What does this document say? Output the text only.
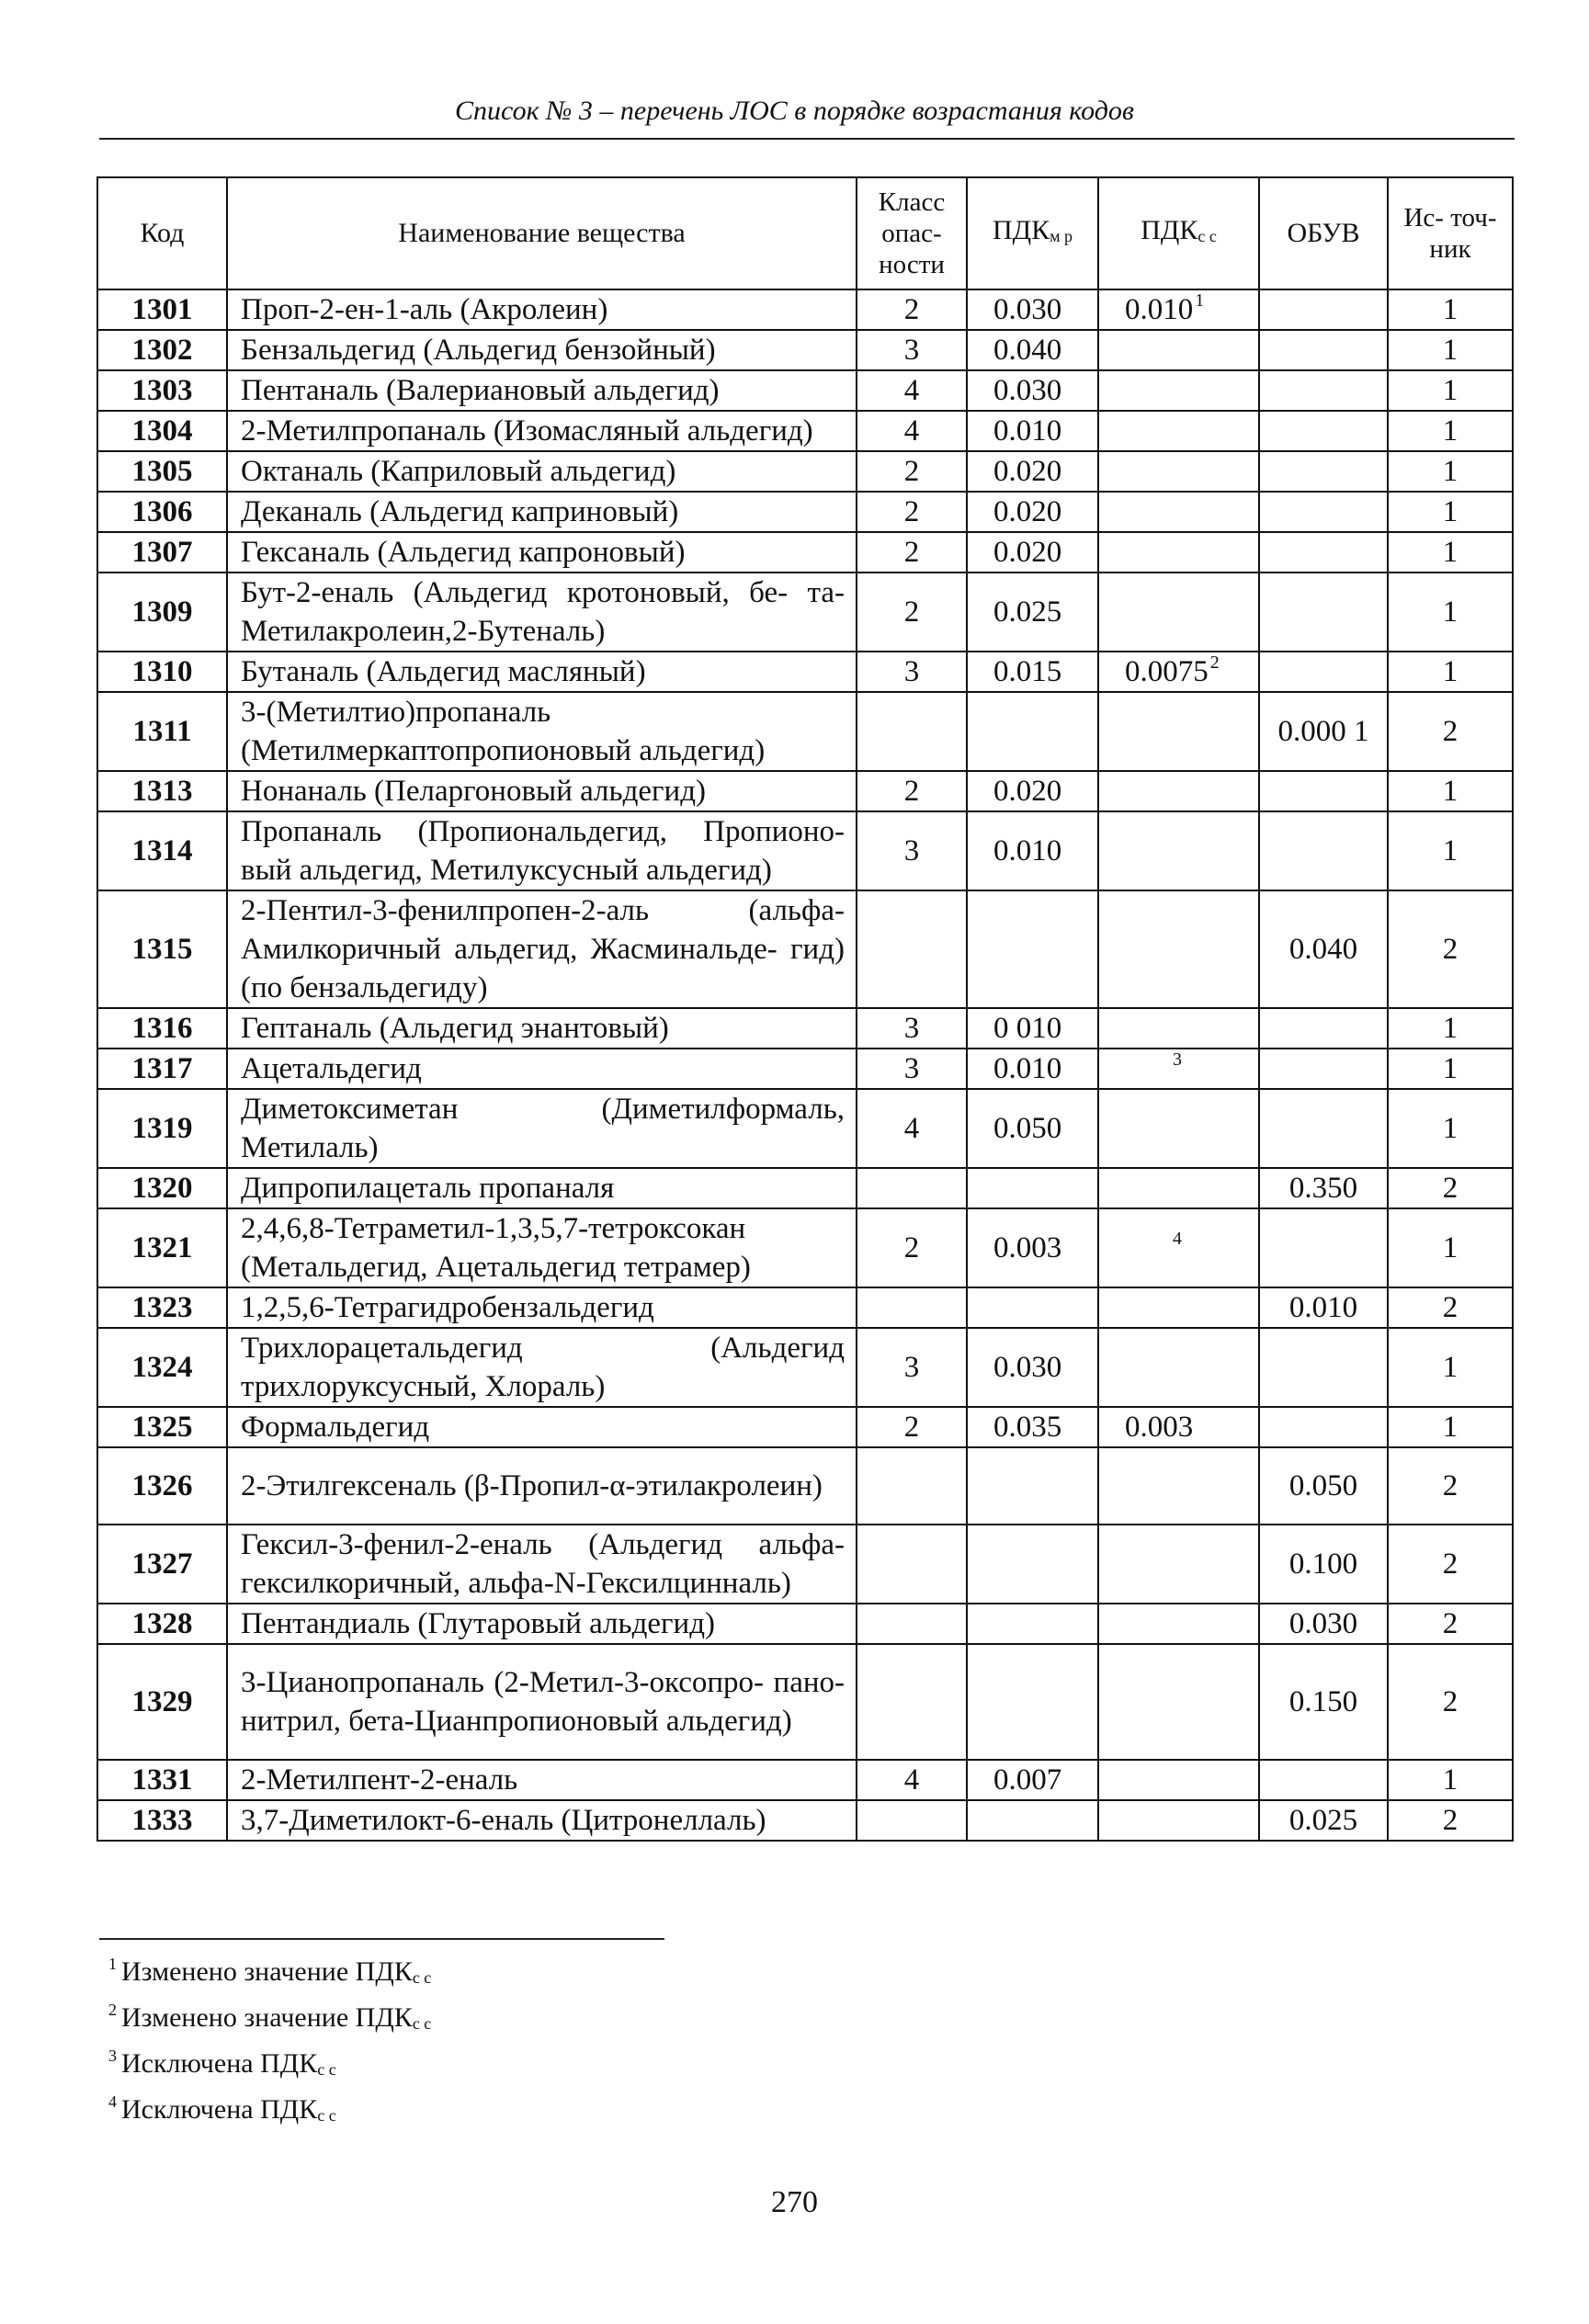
Список № 3 – перечень ЛОС в порядке возрастания кодов
Код	Наименование вещества	Класс опас- ности	$ПДК_{м р}$	$ПДК_{с с}$	ОБУВ	Ис- точ- ник
1301	Проп-2-ен-1-аль (Акролеин)	2	0.030	0.010 $^1$		1
1302	Бензальдегид (Альдегид бензойный)	3	0.040			1
1303	Пентаналь (Валериановый альдегид)	4	0.030			1
1304	2-Метилпропаналь (Изомасляный альдегид)	4	0.010			1
1305	Октаналь (Каприловый альдегид)	2	0.020			1
1306	Деканаль (Альдегид каприновый)	2	0.020			1
1307	Гексаналь (Альдегид капроновый)	2	0.020			1
1309	Бут-2-еналь (Альдегид кротоновый, бе- та-Метилакролеин,2-Бутеналь)	2	0.025			1
1310	Бутаналь (Альдегид масляный)	3	0.015	0.0075 $^2$		1
1311	3-(Метилтио)пропаналь (Метилмеркаптопропионовый альдегид)				0.000 1	2
1313	Нонаналь (Пеларгоновый альдегид)	2	0.020			1
1314	Пропаналь (Пропиональдегид, Пропионо- вый альдегид, Метилуксусный альдегид)	3	0.010			1
1315	2-Пентил-3-фенилпропен-2-аль (альфа- Амилкоричный альдегид, Жасминальде- гид) (по бензальдегиду)				0.040	2
1316	Гептаналь (Альдегид энантовый)	3	0 010			1
1317	Ацетальдегид	3	0.010	$^3$		1
1319	Диметоксиметан (Диметилформаль, Метилаль)	4	0.050			1
1320	Дипропилацеталь пропаналя				0.350	2
1321	2,4,6,8-Тетраметил-1,3,5,7-тетроксокан (Метальдегид, Ацетальдегид тетрамер)	2	0.003	$^4$		1
1323	1,2,5,6-Тетрагидробензальдегид				0.010	2
1324	Трихлорацетальдегид (Альдегид трихлоруксусный, Хлораль)	3	0.030			1
1325	Формальдегид	2	0.035	0.003		1
1326	2-Этилгексеналь (β-Пропил-α-этилакролеин)				0.050	2
1327	Гексил-3-фенил-2-еналь (Альдегид альфа- гексилкоричный, альфа-N-Гексилцинналь)				0.100	2
1328	Пентандиаль (Глутаровый альдегид)				0.030	2
1329	3-Цианопропаналь (2-Метил-3-оксопро- пано-нитрил, бета-Цианпропионовый альдегид)				0.150	2
1331	2-Метилпент-2-еналь	4	0.007			1
1333	3,7-Диметилокт-6-еналь (Цитронеллаль)				0.025	2
$^1$ Изменено значение $ПДК_{с с}$
$^2$ Изменено значение $ПДК_{с с}$
$^3$ Исключена $ПДК_{с с}$
$^4$ Исключена $ПДК_{с с}$
270
